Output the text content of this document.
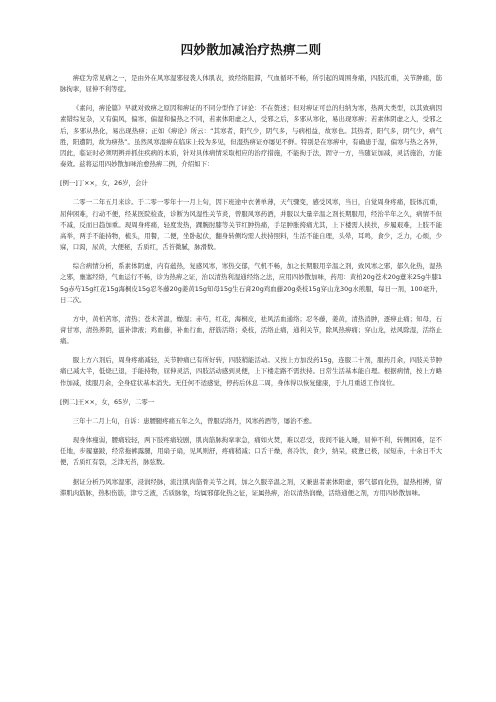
四妙散加减治疗热痹二则

痹症为常见病之一，是由外在风寒湿邪侵袭人体肌表，致经络阻滞，气血循环不畅，所引起的周围身痛，四肢沉重，关节肿痛，筋脉拘挛，屈伸不利等症。

《素问，痹论篇》早就对致痹之原因和痹证的不同分型作了评论：不在赘述；但对痹证可总的归纳为寒，热两大类型，以其致病因素错综复杂，又有偏风，偏寒，偏湿和偏热之不同，若素体阳虚之人，受邪之后，多邪从寒化，易出现寒痹；若素体阴虚之人，受邪之后，多邪从热化，易出现热痹；正如《痹论》所云：“其寒者，阳气少，阴气多，与病相益，故寒也。其热者，阳气多，阴气少，病气胜，阳遭阴，故为痹热”。虽然风寒湿痹在临床上较为多见，但湿热痹证亦屡见不鲜。特别是在寒痹中，有确患于湿，偏寒与热之各异，因此，临证时必须明辨并抓住疾病的本质，针对具体病情采取相应的治疗措施，不能拘于法，固守一方，当随证加减，灵活施治，方能奏效。兹将运用四妙散加味治愈热痹二例，介绍如下：

[例一]丁××，女，26岁，会计

二零一二年五月来诊。于二零一零年十一月上旬，因下班途中衣著单薄，天气骤变，感受风寒，当日，自觉周身疼痛，肢体沉重，屈伸困难，行动不便，经某医院检查，诊断为风湿性关节炎，曾服风寒药酒，并服以大量辛温之剂长期服用，经治半年之久，病情不但不减，反而日趋加重。现周身疼痛，轻度发热，踝腕肘膝等关节红肿热痛，手足肿胀挎痛尤其，上下楼需人挟扶，步履艰难，上肢不能高举，两手不能持物，梳头，用餐，二便，坐卧起伏，翻身转侧均需人扶持照料，生活不能自理，头晕，耳鸣，食少，乏力，心烦，少寐，口渴，尿黄，大便秘，舌质红，舌苔微腻，脉滑数。

综合病情分析，系素体阴虚，内有蕴热，复感风寒，寒热交郁，气机不畅，加之长期服用辛温之剂，致风寒之邪，郁久化热，湿热之邪，壅塞经络，气血运行不畅，诊为热痹之证，治以清热利湿通经络之法，应用四妙散加味，药用：黄柏20g苍术20g薏米25g牛膝15g赤芍15g红花15g海桐皮15g忍冬藤20g姜黄15g知母15g生石膏20g鸡血藤20g桑枝15g穿山龙30g水煎服，每日一剂，100毫升，日二次。

方中，黄柏苦寒，清热；苍术苦温，燥湿；赤芍，红花，海桐皮，祛风活血通络；忍冬藤，姜黄，清热消肿，逐痹止痛；知母，石膏甘寒，清热养阴，滋补津液；鸡血藤，补血行血，舒筋活络；桑枝，活络止痛，通利关节，除风热痹痛；穿山龙，祛风除湿，活络止痛。

服上方六剂后，周身疼痛减轻，关节肿痛已有所好转，四肢稍能活动。又按上方加没药15g，连服二十剂，服药月余，四肢关节肿痛已减大半，低烧已退，手能持物，屈伸灵活，四肢活动感到灵便，上下楼走路不需扶持。日常生活基本能自理。根据病情，按上方略作加减，续服月余，全身症状基本消失。无任何不适感觉，停药后休息二周，身体得以恢复健康，于九月重返工作岗位。

[例二]王××，女，65岁，二零一

三年十二月上旬，自诉：患腰腿疼痛五年之久，曾服话络丹，风寒药酒等，屡治不愈。

现身体瘦弱，腰痛较轻，两下肢疼痛较剧，肌肉筋脉拘挛挛急，痛如火焚，难以忍受，夜间不能入睡，屈伸不利，转侧困难，足不任地，步履蹇跛，经常拖裤露腿，用扇子扇，见风则舒，疼痛稍减；口舌干燥，喜冷饮，食少，纳呆，疲惫已极，尿短赤，十余日不大便，舌质红有裂，乏津无苔，脉弦数。

据证分析乃风寒湿邪，浸润经脉，流注肌肉筋骨关节之间，加之久服辛温之剂，又兼患者素体阳虚，邪气郁而化热，湿热相搏，留滞肌肉筋脉，热积伤筋，津亏乏液，舌质脉象，均属邪郁化热之征，证属热痹，治以清热润燥，活络通便之剂，方用四妙散加味。
